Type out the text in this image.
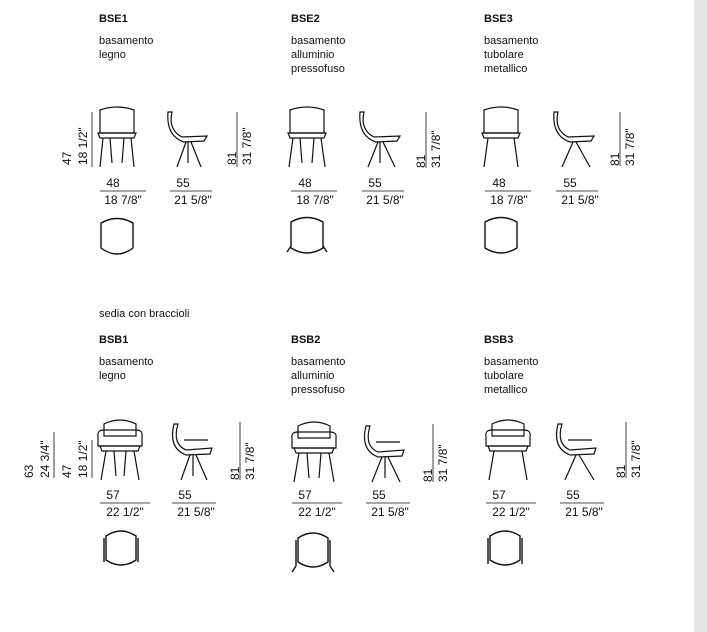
BSE1
basamento
legno
BSE2
basamento
alluminio
pressofuso
BSE3
basamento
tubolare
metallico
47 18 1/2"	81 31 7/8"	81 31 7/8"	81 31 7/8"
48
18 7/8"
55
21 5/8"
48
18 7/8"
55
21 5/8"
48
18 7/8"
55
21 5/8"
sedia con braccioli
BSB1
basamento
legno
BSB2
basamento
alluminio
pressofuso
BSB3
basamento
tubolare
metallico
63 24 3/4" 47 18 1/2"	81 31 7/8"	81 31 7/8"	81 31 7/8"
57
22 1/2"
55
21 5/8"
57
22 1/2"
55
21 5/8"
57
22 1/2"
55
21 5/8"
